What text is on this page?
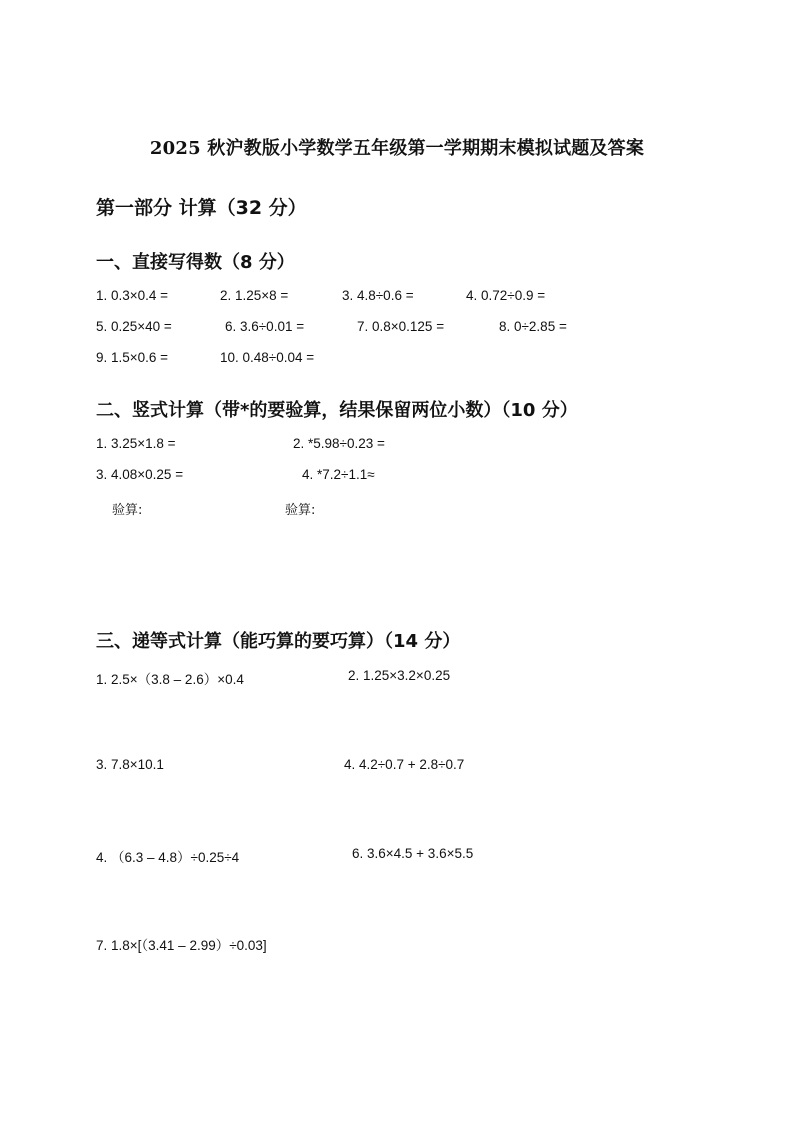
2025 秋沪教版小学数学五年级第一学期期末模拟试题及答案
第一部分 计算（32 分）
一、直接写得数（8 分）
1. 0.3×0.4 =	2. 1.25×8 =	3. 4.8÷0.6 =	4. 0.72÷0.9 =
5. 0.25×40 =	6. 3.6÷0.01 =	7. 0.8×0.125 =	8. 0÷2.85 =
9. 1.5×0.6 =	10. 0.48÷0.04 =
二、竖式计算（带*的要验算，结果保留两位小数）（10 分）
1. 3.25×1.8 =	2. *5.98÷0.23 =
3. 4.08×0.25 =	4. *7.2÷1.1≈
验算:	验算:
三、递等式计算（能巧算的要巧算）（14 分）
1. 2.5×（3.8 – 2.6）×0.4	2. 1.25×3.2×0.25
3. 7.8×10.1	4. 4.2÷0.7 + 2.8÷0.7
4. （6.3 – 4.8）÷0.25÷4	6. 3.6×4.5 + 3.6×5.5
7. 1.8×[（3.41 – 2.99）÷0.03]
